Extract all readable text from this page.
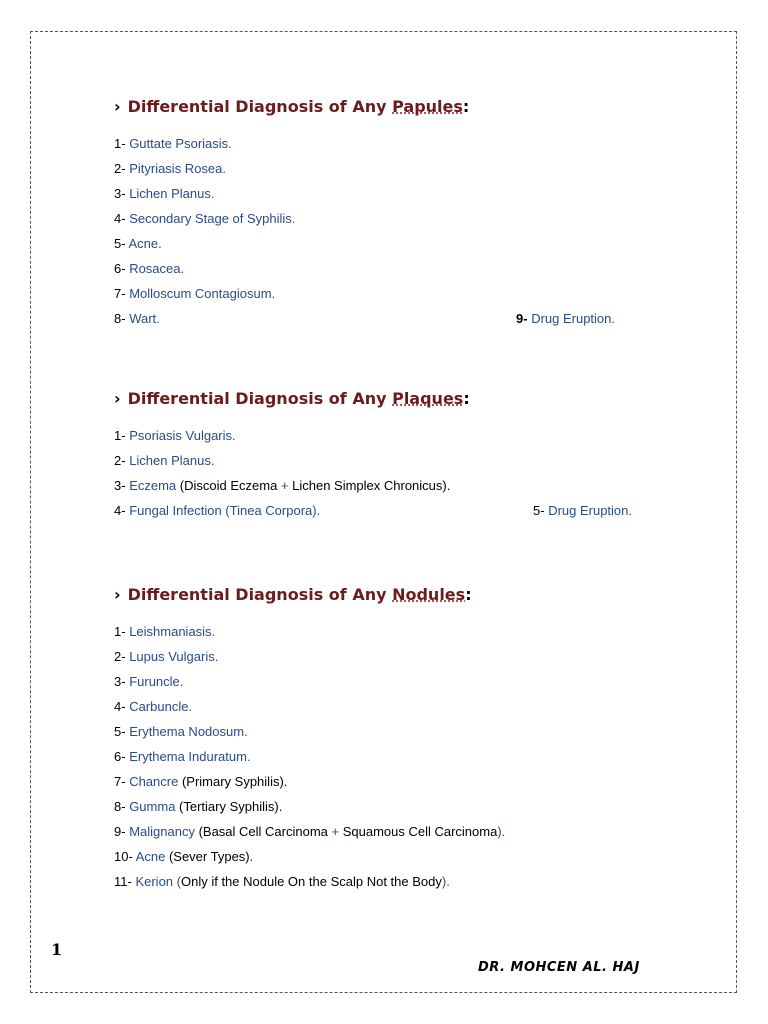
› Differential Diagnosis of Any Papules:
1- Guttate Psoriasis.
2- Pityriasis Rosea.
3- Lichen Planus.
4- Secondary Stage of Syphilis.
5- Acne.
6- Rosacea.
7- Molloscum Contagiosum.
8- Wart.	9- Drug Eruption.
› Differential Diagnosis of Any Plaques:
1- Psoriasis Vulgaris.
2- Lichen Planus.
3- Eczema (Discoid Eczema + Lichen Simplex Chronicus).
4- Fungal Infection (Tinea Corpora).	5- Drug Eruption.
› Differential Diagnosis of Any Nodules:
1- Leishmaniasis.
2- Lupus Vulgaris.
3- Furuncle.
4- Carbuncle.
5- Erythema Nodosum.
6- Erythema Induratum.
7- Chancre (Primary Syphilis).
8- Gumma (Tertiary Syphilis).
9- Malignancy (Basal Cell Carcinoma + Squamous Cell Carcinoma).
10- Acne (Sever Types).
11- Kerion (Only if the Nodule On the Scalp Not the Body).
1
DR. MOHCEN AL. HAJ
